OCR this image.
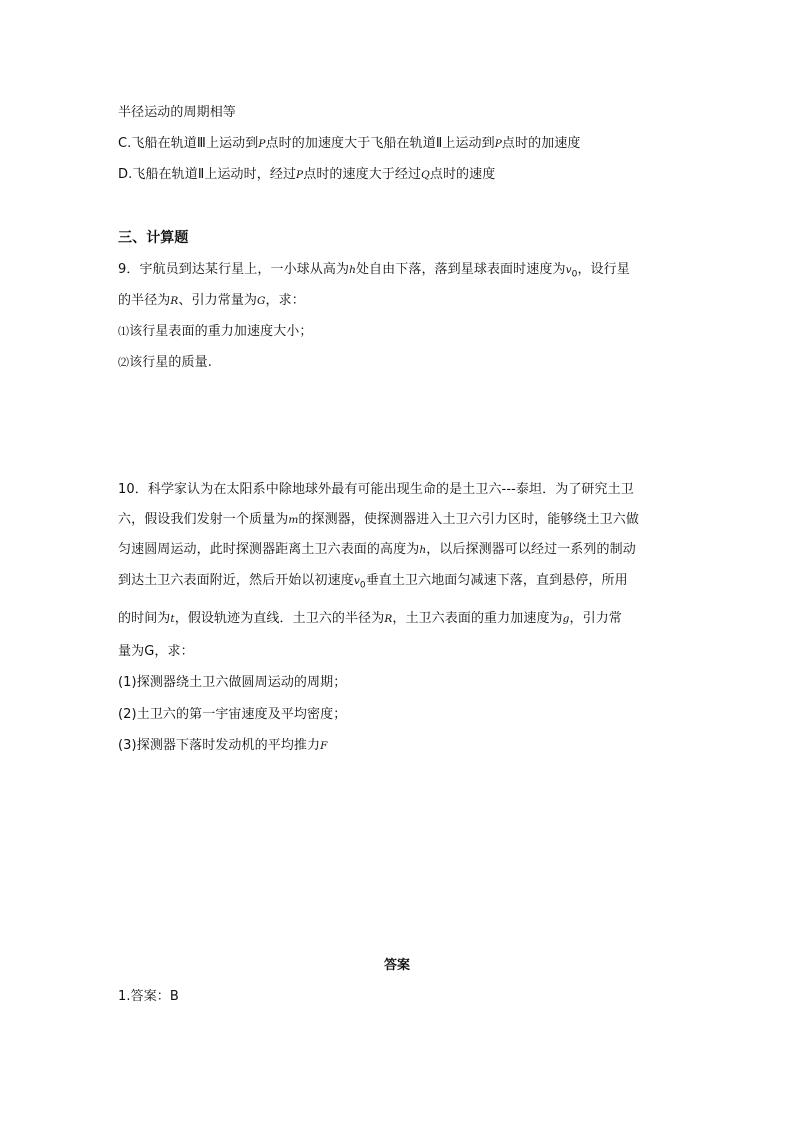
半径运动的周期相等
C.飞船在轨道Ⅲ上运动到P点时的加速度大于飞船在轨道Ⅱ上运动到P点时的加速度
D.飞船在轨道Ⅱ上运动时，经过P点时的速度大于经过Q点时的速度
三、计算题
9．宇航员到达某行星上，一小球从高为h处自由下落，落到星球表面时速度为$v_0$，设行星
的半径为R、引力常量为G，求：
⑴该行星表面的重力加速度大小；
⑵该行星的质量.
10．科学家认为在太阳系中除地球外最有可能出现生命的是土卫六---泰坦．为了研究土卫
六，假设我们发射一个质量为m的探测器，使探测器进入土卫六引力区时，能够绕土卫六做
匀速圆周运动，此时探测器距离土卫六表面的高度为h，以后探测器可以经过一系列的制动
到达土卫六表面附近，然后开始以初速度$v_0$垂直土卫六地面匀减速下落，直到悬停，所用
的时间为t，假设轨迹为直线．土卫六的半径为R，土卫六表面的重力加速度为g，引力常
量为G，求：
(1)探测器绕土卫六做圆周运动的周期；
(2)土卫六的第一宇宙速度及平均密度；
(3)探测器下落时发动机的平均推力F
答案
1.答案：B
